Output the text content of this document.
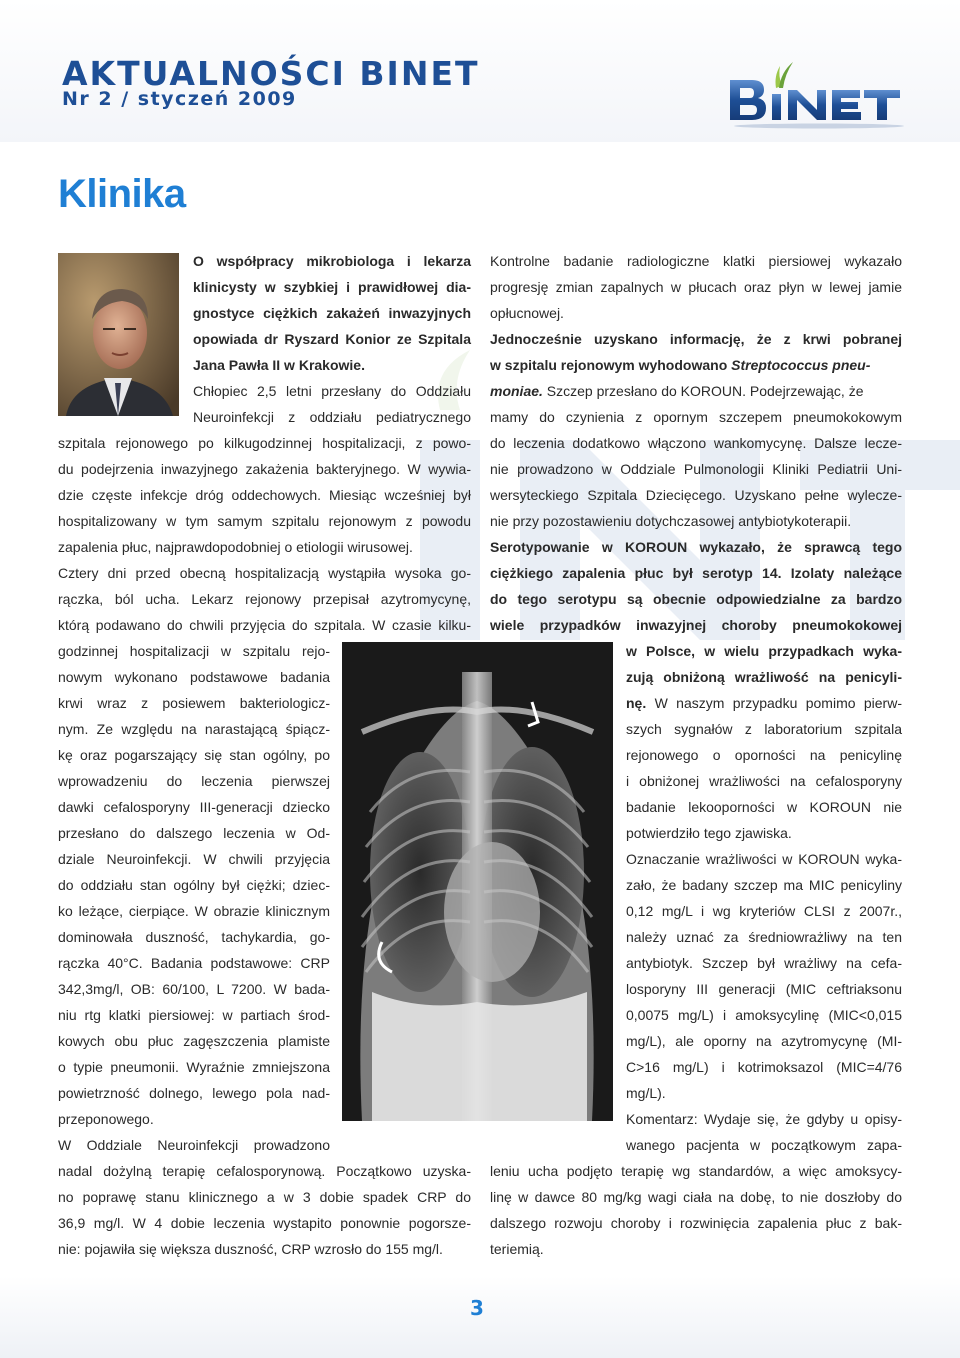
AKTUALNOŚCI BINET
Nr 2 / styczeń 2009
Klinika
O współpracy mikrobiologa i lekarza
klinicysty w szybkiej i prawidłowej dia-
gnostyce ciężkich zakażeń inwazyjnych
opowiada dr Ryszard Konior ze Szpitala
Jana Pawła II w Krakowie.
Chłopiec 2,5 letni przesłany do Oddziału
Neuroinfekcji z oddziału pediatrycznego
szpitala rejonowego po kilkugodzinnej hospitalizacji, z powo-
du podejrzenia inwazyjnego zakażenia bakteryjnego. W wywia-
dzie częste infekcje dróg oddechowych. Miesiąc wcześniej był
hospitalizowany w tym samym szpitalu rejonowym z powodu
zapalenia płuc, najprawdopodobniej o etiologii wirusowej.
Cztery dni przed obecną hospitalizacją wystąpiła wysoka go-
rączka, ból ucha. Lekarz rejonowy przepisał azytromycynę,
którą podawano do chwili przyjęcia do szpitala. W czasie kilku-
godzinnej hospitalizacji w szpitalu rejo-
nowym wykonano podstawowe badania
krwi wraz z posiewem bakteriologicz-
nym. Ze względu na narastającą śpiącz-
kę oraz pogarszający się stan ogólny, po
wprowadzeniu do leczenia pierwszej
dawki cefalosporyny III-generacji dziecko
przesłano do dalszego leczenia w Od-
dziale Neuroinfekcji. W chwili przyjęcia
do oddziału stan ogólny był ciężki; dziec-
ko leżące, cierpiące. W obrazie klinicznym
dominowała duszność, tachykardia, go-
rączka 40°C. Badania podstawowe: CRP
342,3mg/l, OB: 60/100, L 7200. W bada-
niu rtg klatki piersiowej: w partiach środ-
kowych obu płuc zagęszczenia plamiste
o typie pneumonii. Wyraźnie zmniejszona
powietrzność dolnego, lewego pola nad-
przeponowego.
W Oddziale Neuroinfekcji prowadzono
nadal dożylną terapię cefalosporynową. Początkowo uzyska-
no poprawę stanu klinicznego a w 3 dobie spadek CRP do
36,9 mg/l. W 4 dobie leczenia wystapito ponownie pogorsze-
nie: pojawiła się większa duszność, CRP wzrosło do 155 mg/l.
Kontrolne badanie radiologiczne klatki piersiowej wykazało
progresję zmian zapalnych w płucach oraz płyn w lewej jamie
opłucnowej.
Jednocześnie uzyskano informację, że z krwi pobranej
w szpitalu rejonowym wyhodowano Streptococcus pneu-
moniae. Szczep przesłano do KOROUN. Podejrzewając, że
mamy do czynienia z opornym szczepem pneumokokowym
do leczenia dodatkowo włączono wankomycynę. Dalsze lecze-
nie prowadzono w Oddziale Pulmonologii Kliniki Pediatrii Uni-
wersyteckiego Szpitala Dziecięcego. Uzyskano pełne wylecze-
nie przy pozostawieniu dotychczasowej antybiotykoterapii.
Serotypowanie w KOROUN wykazało, że sprawcą tego
ciężkiego zapalenia płuc był serotyp 14. Izolaty należące
do tego serotypu są obecnie odpowiedzialne za bardzo
wiele przypadków inwazyjnej choroby pneumokokowej
w Polsce, w wielu przypadkach wyka-
zują obniżoną wrażliwość na penicyli-
nę. W naszym przypadku pomimo pierw-
szych sygnałów z laboratorium szpitala
rejonowego o oporności na penicylinę
i obniżonej wrażliwości na cefalosporyny
badanie lekooporności w KOROUN nie
potwierdziło tego zjawiska.
Oznaczanie wrażliwości w KOROUN wyka-
zało, że badany szczep ma MIC penicyliny
0,12 mg/L i wg kryteriów CLSI z 2007r.,
należy uznać za średniowrażliwy na ten
antybiotyk. Szczep był wrażliwy na cefa-
losporyny III generacji (MIC ceftriaksonu
0,0075 mg/L) i amoksycylinę (MIC<0,015
mg/L), ale oporny na azytromycynę (MI-
C>16 mg/L) i kotrimoksazol (MIC=4/76
mg/L).
Komentarz: Wydaje się, że gdyby u opisy-
wanego pacjenta w początkowym zapa-
leniu ucha podjęto terapię wg standardów, a więc amoksycy-
linę w dawce 80 mg/kg wagi ciała na dobę, to nie doszłoby do
dalszego rozwoju choroby i rozwinięcia zapalenia płuc z bak-
teriemią.
3
